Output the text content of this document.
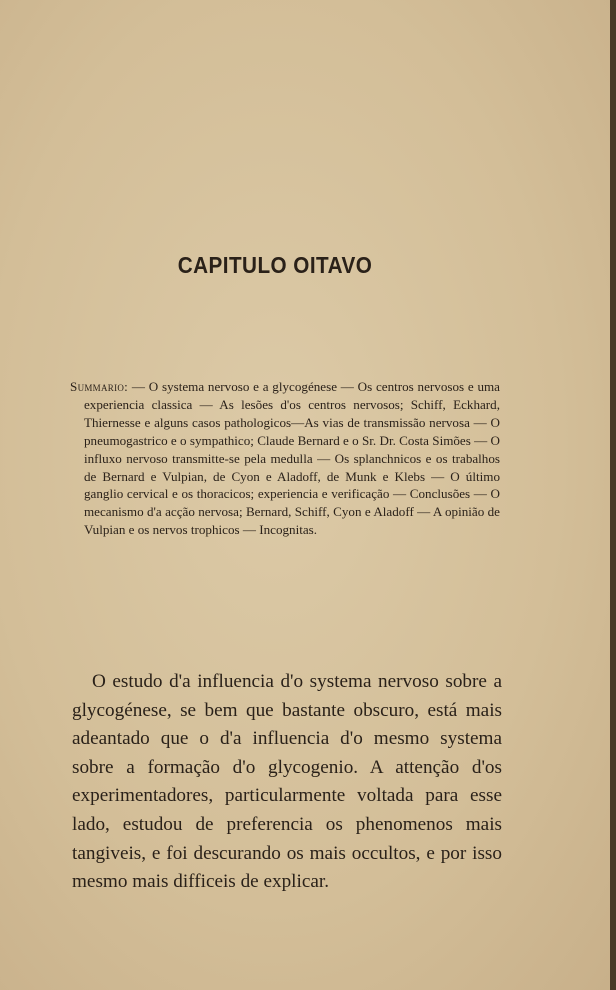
CAPITULO OITAVO
Summario: — O systema nervoso e a glycogénese — Os centros nervosos e uma experiencia classica — As lesões d'os centros nervosos; Schiff, Eckhard, Thiernesse e alguns casos pathologicos—As vias de transmissão nervosa — O pneumogastrico e o sympathico; Claude Bernard e o Sr. Dr. Costa Simões — O influxo nervoso transmitte-se pela medulla — Os splanchnicos e os trabalhos de Bernard e Vulpian, de Cyon e Aladoff, de Munk e Klebs — O último ganglio cervical e os thoracicos; experiencia e verificação — Conclusões — O mecanismo d'a acção nervosa; Bernard, Schiff, Cyon e Aladoff — A opinião de Vulpian e os nervos trophicos — Incognitas.
O estudo d'a influencia d'o systema nervoso sobre a glycogénese, se bem que bastante obscuro, está mais adeantado que o d'a influencia d'o mesmo systema sobre a formação d'o glycogenio. A attenção d'os experimentadores, particularmente voltada para esse lado, estudou de preferencia os phenomenos mais tangiveis, e foi descurando os mais occultos, e por isso mesmo mais difficeis de explicar.
